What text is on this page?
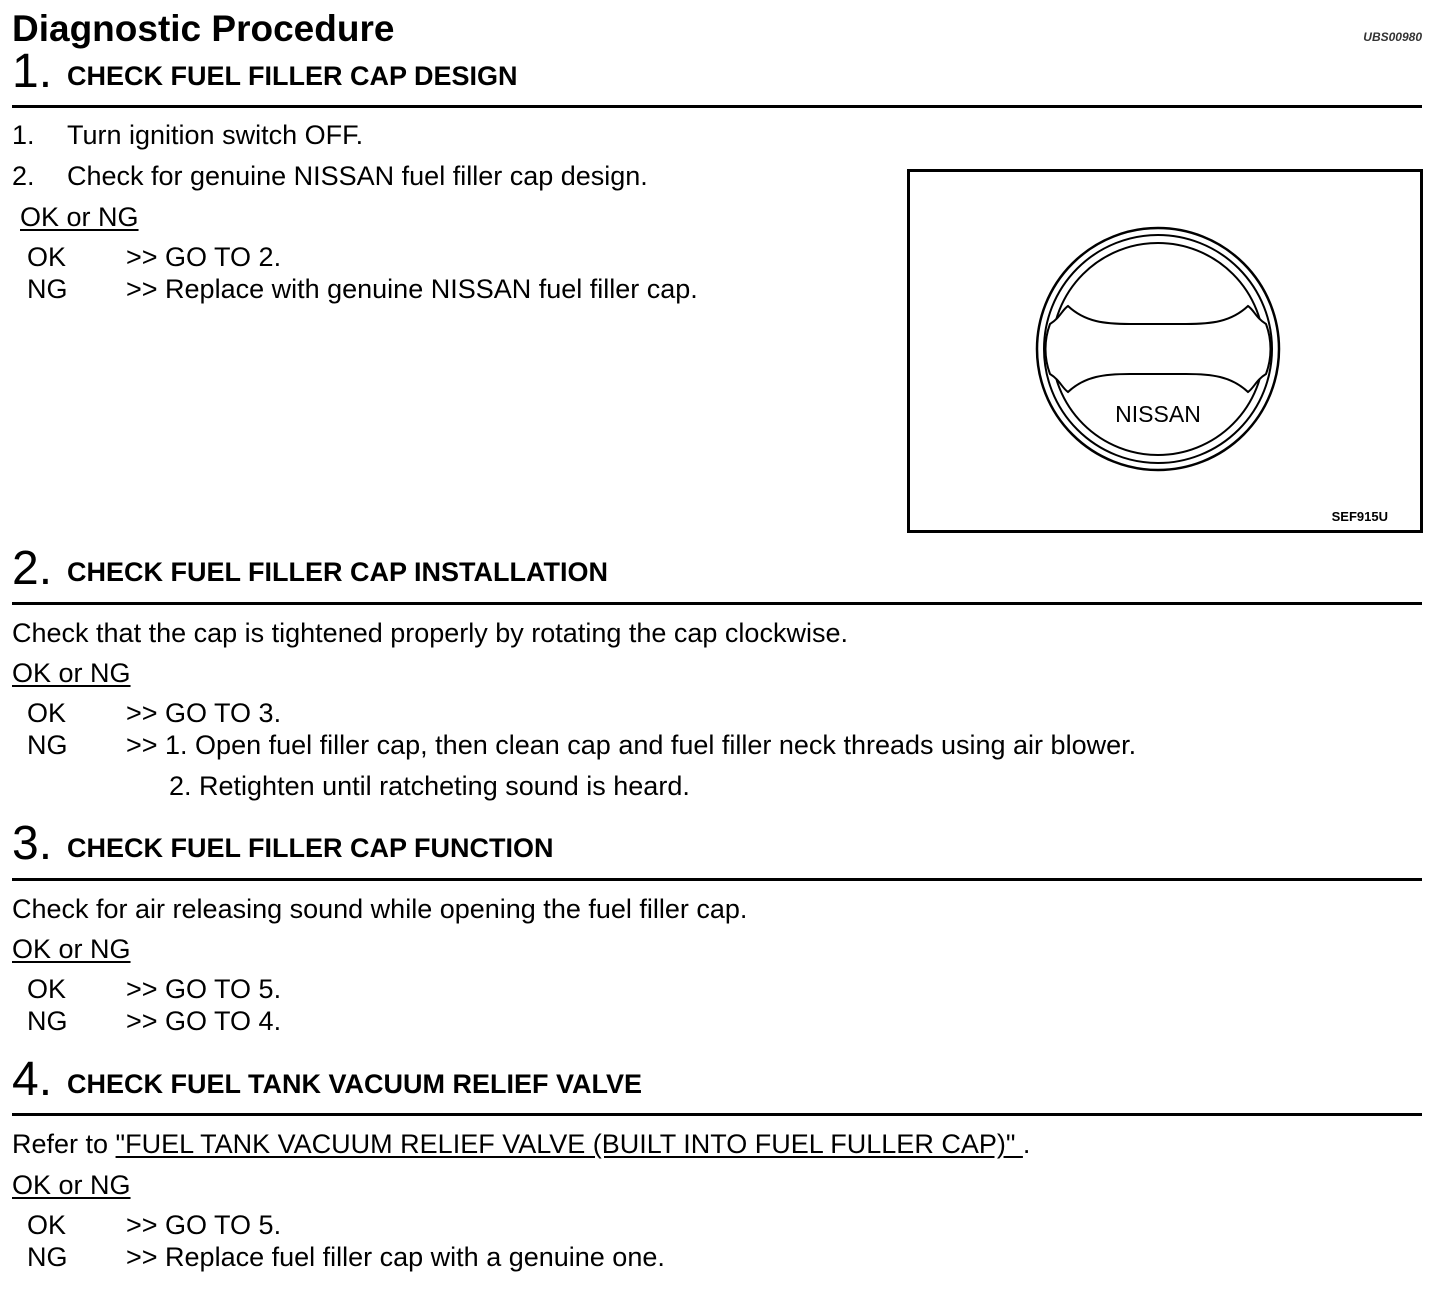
Diagnostic Procedure	UBS00980
1. CHECK FUEL FILLER CAP DESIGN
1. Turn ignition switch OFF.
2. Check for genuine NISSAN fuel filler cap design.
OK or NG
OK >> GO TO 2.
NG >> Replace with genuine NISSAN fuel filler cap.
NISSAN
SEF915U
2. CHECK FUEL FILLER CAP INSTALLATION
Check that the cap is tightened properly by rotating the cap clockwise.
OK or NG
OK >> GO TO 3.
NG >> 1. Open fuel filler cap, then clean cap and fuel filler neck threads using air blower.
2. Retighten until ratcheting sound is heard.
3. CHECK FUEL FILLER CAP FUNCTION
Check for air releasing sound while opening the fuel filler cap.
OK or NG
OK >> GO TO 5.
NG >> GO TO 4.
4. CHECK FUEL TANK VACUUM RELIEF VALVE
Refer to "FUEL TANK VACUUM RELIEF VALVE (BUILT INTO FUEL FULLER CAP)" .
OK or NG
OK >> GO TO 5.
NG >> Replace fuel filler cap with a genuine one.
